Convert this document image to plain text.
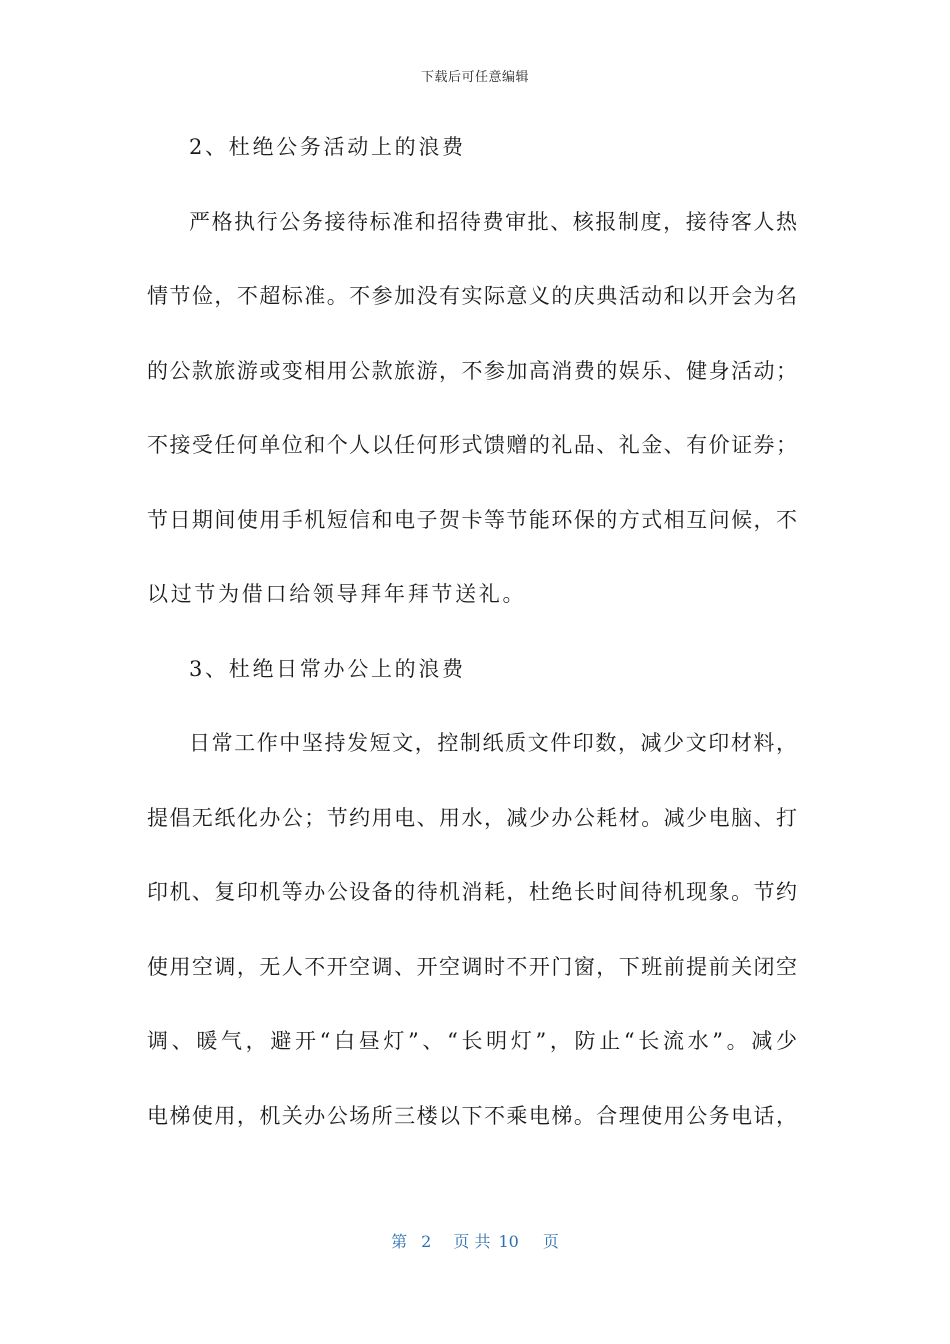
下载后可任意编辑
2、杜绝公务活动上的浪费
严格执行公务接待标准和招待费审批、核报制度，接待客人热
情节俭，不超标准。不参加没有实际意义的庆典活动和以开会为名
的公款旅游或变相用公款旅游，不参加高消费的娱乐、健身活动；
不接受任何单位和个人以任何形式馈赠的礼品、礼金、有价证券；
节日期间使用手机短信和电子贺卡等节能环保的方式相互问候，不
以过节为借口给领导拜年拜节送礼。
3、杜绝日常办公上的浪费
日常工作中坚持发短文，控制纸质文件印数，减少文印材料，
提倡无纸化办公；节约用电、用水，减少办公耗材。减少电脑、打
印机、复印机等办公设备的待机消耗，杜绝长时间待机现象。节约
使用空调，无人不开空调、开空调时不开门窗，下班前提前关闭空
调、暖气，避开“白昼灯”、“长明灯”，防止“长流水”。减少
电梯使用，机关办公场所三楼以下不乘电梯。合理使用公务电话，
第 2 页 共 10 页
